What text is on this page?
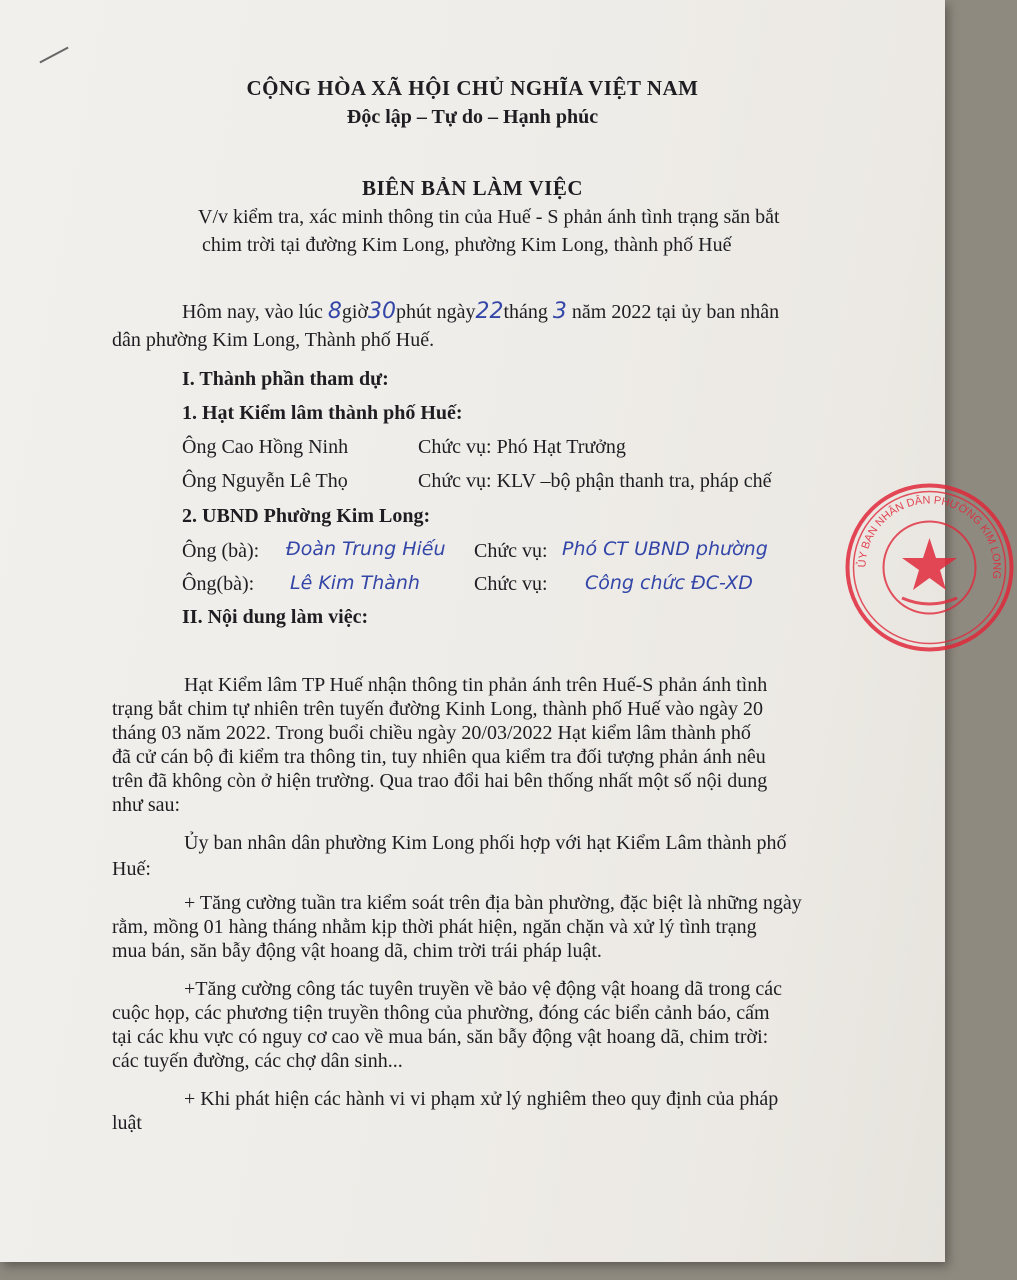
CỘNG HÒA XÃ HỘI CHỦ NGHĨA VIỆT NAM
Độc lập – Tự do – Hạnh phúc
BIÊN BẢN LÀM VIỆC
V/v kiểm tra, xác minh thông tin của Huế - S phản ánh tình trạng săn bắt
chim trời tại đường Kim Long, phường Kim Long, thành phố Huế
Hôm nay, vào lúc 8giờ30phút ngày22tháng 3 năm 2022 tại ủy ban nhân
dân phường Kim Long, Thành phố Huế.
I. Thành phần tham dự:
1. Hạt Kiểm lâm thành phố Huế:
Ông Cao Hồng Ninh	Chức vụ: Phó Hạt Trưởng
Ông Nguyễn Lê Thọ	Chức vụ: KLV –bộ phận thanh tra, pháp chế
2. UBND Phường Kim Long:
Ông (bà): Đoàn Trung Hiếu Chức vụ: Phó CT UBND phường
Ông(bà): Lê Kim Thành	Chức vụ: Công chức ĐC-XD
II. Nội dung làm việc:
Hạt Kiểm lâm TP Huế nhận thông tin phản ánh trên Huế-S phản ánh tình
trạng bắt chim tự nhiên trên tuyến đường Kinh Long, thành phố Huế vào ngày 20
tháng 03 năm 2022. Trong buổi chiều ngày 20/03/2022 Hạt kiểm lâm thành phố
đã cử cán bộ đi kiểm tra thông tin, tuy nhiên qua kiểm tra đối tượng phản ánh nêu
trên đã không còn ở hiện trường. Qua trao đổi hai bên thống nhất một số nội dung
như sau:
Ủy ban nhân dân phường Kim Long phối hợp với hạt Kiểm Lâm thành phố
Huế:
+ Tăng cường tuần tra kiểm soát trên địa bàn phường, đặc biệt là những ngày
rằm, mồng 01 hàng tháng nhằm kịp thời phát hiện, ngăn chặn và xử lý tình trạng
mua bán, săn bẫy động vật hoang dã, chim trời trái pháp luật.
+Tăng cường công tác tuyên truyền về bảo vệ động vật hoang dã trong các
cuộc họp, các phương tiện truyền thông của phường, đóng các biển cảnh báo, cấm
tại các khu vực có nguy cơ cao về mua bán, săn bẫy động vật hoang dã, chim trời:
các tuyến đường, các chợ dân sinh...
+ Khi phát hiện các hành vi vi phạm xử lý nghiêm theo quy định của pháp
luật
ỦY BAN NHÂN DÂN PHƯỜNG KIM LONG
